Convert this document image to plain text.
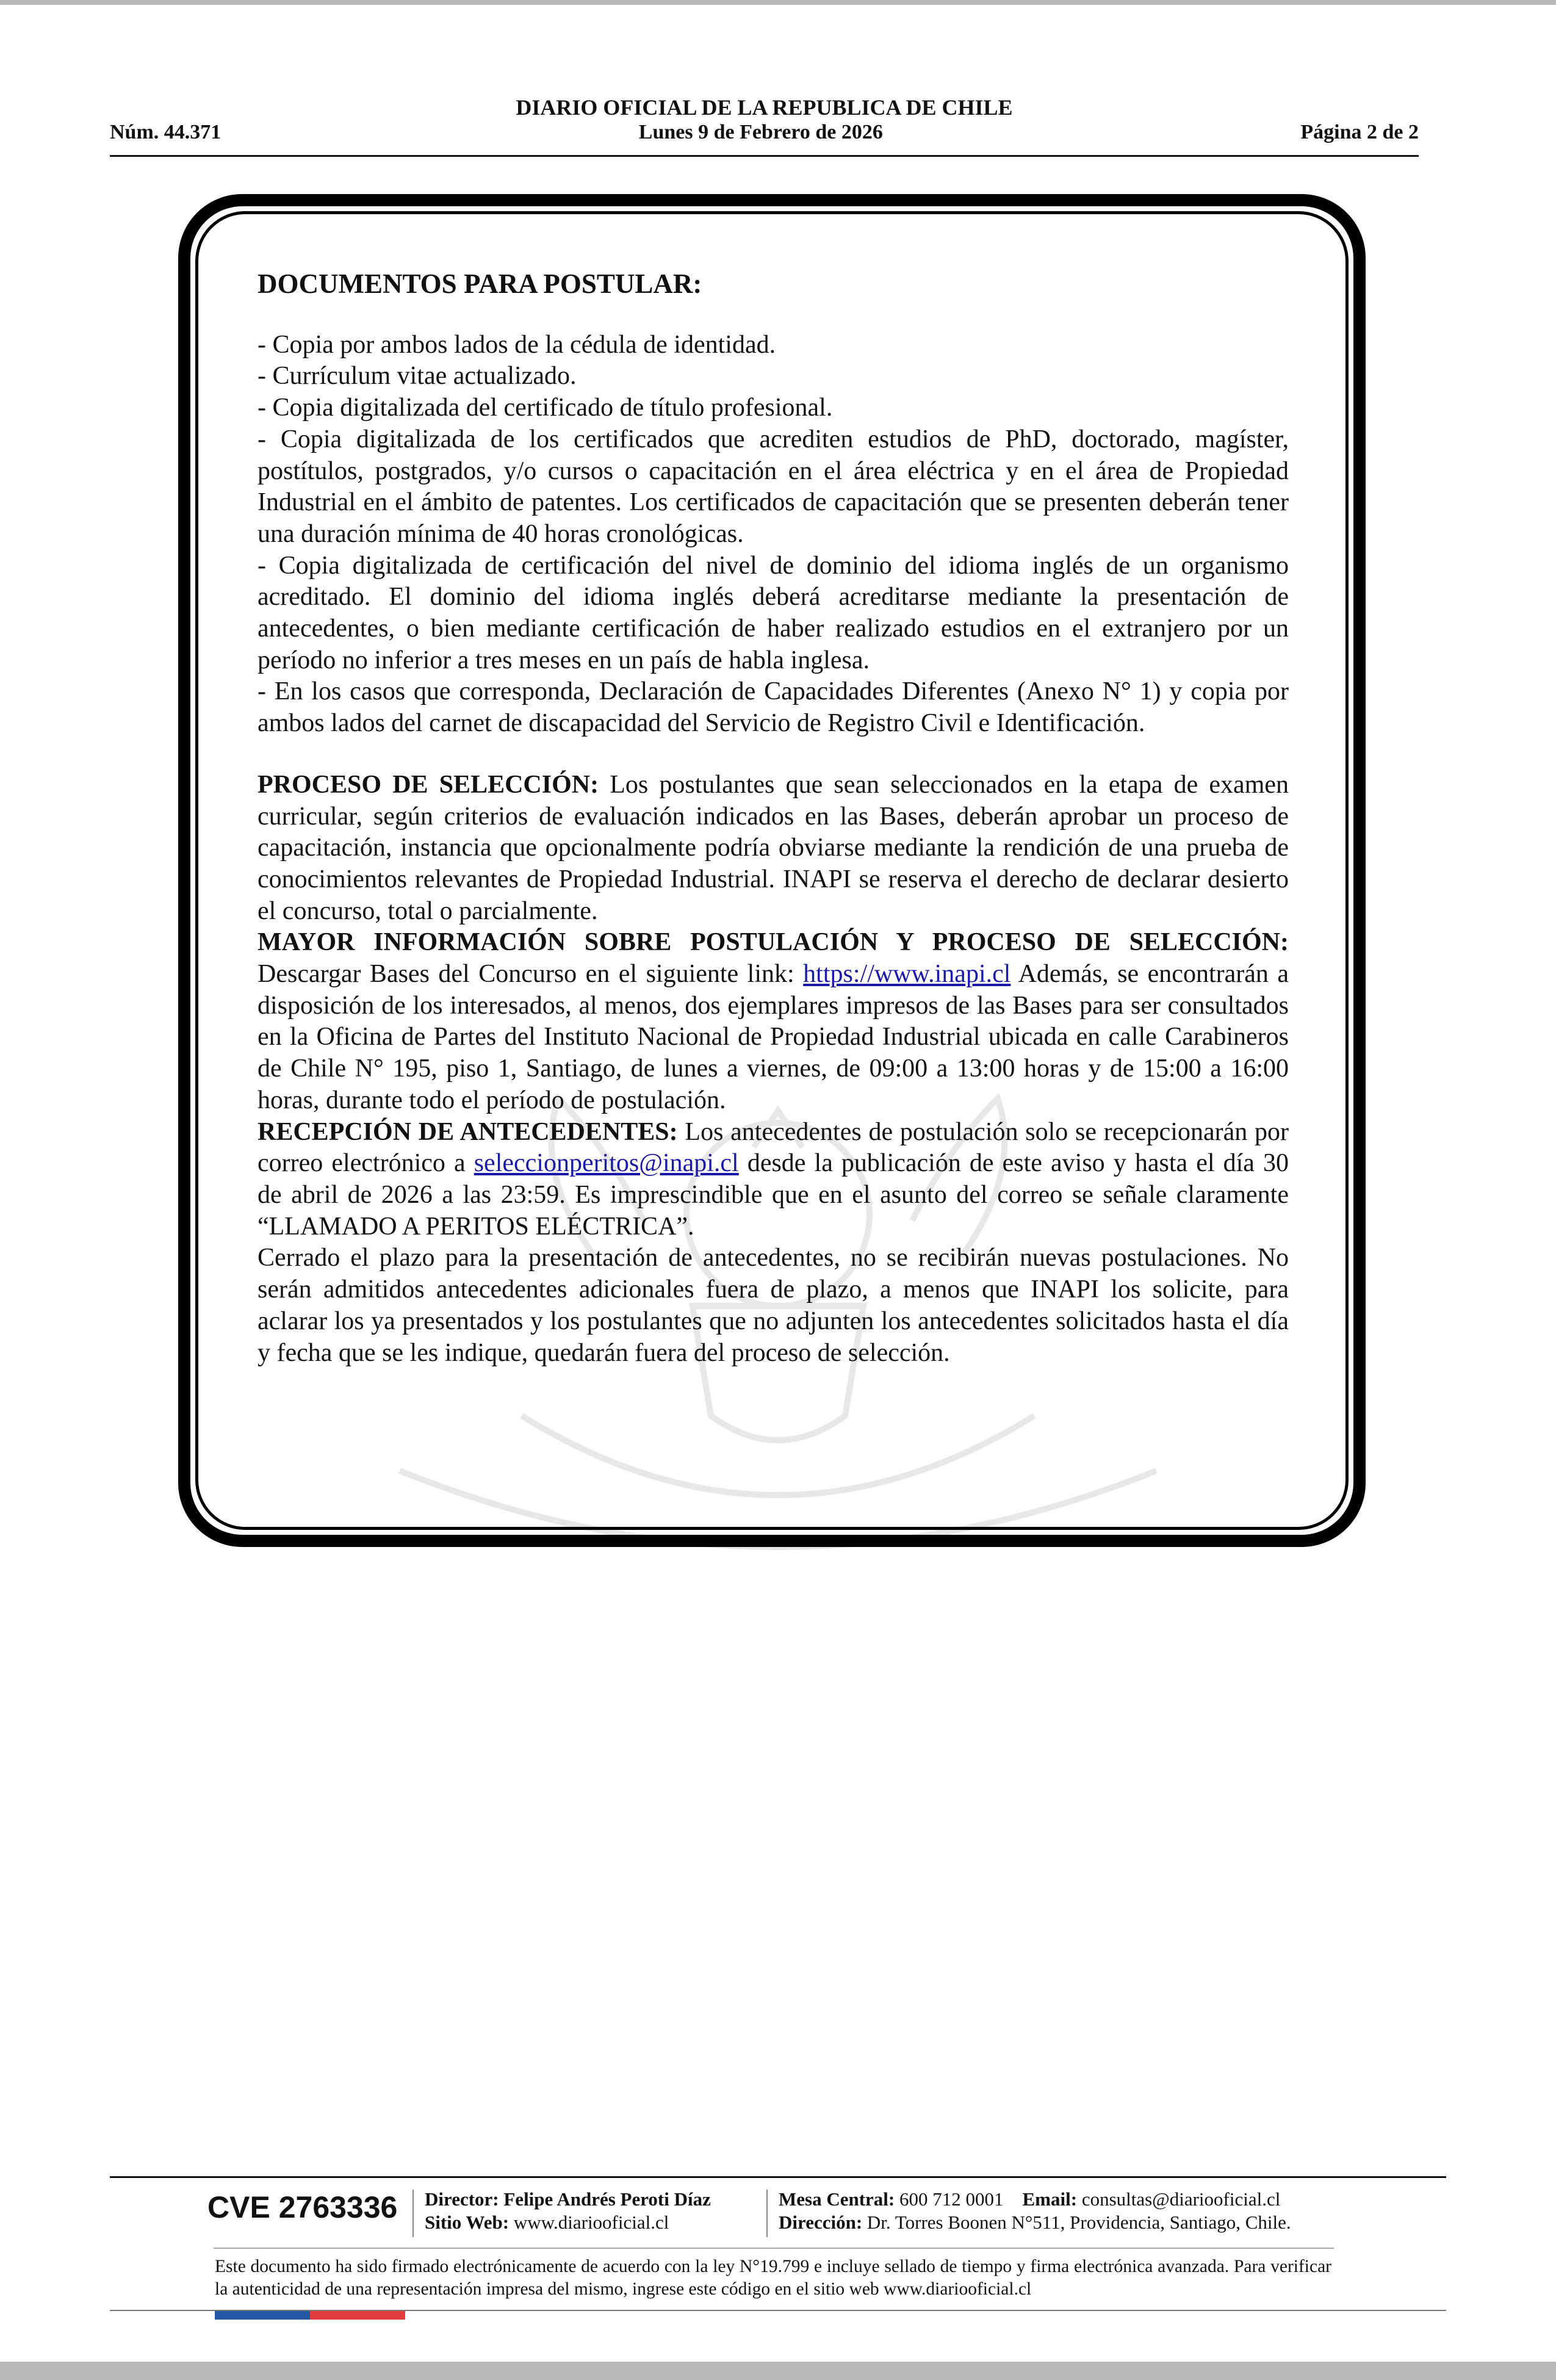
DIARIO OFICIAL DE LA REPUBLICA DE CHILE
Núm. 44.371	Lunes 9 de Febrero de 2026	Página 2 de 2

DOCUMENTOS PARA POSTULAR:

- Copia por ambos lados de la cédula de identidad.

- Currículum vitae actualizado.

- Copia digitalizada del certificado de título profesional.

- Copia digitalizada de los certificados que acrediten estudios de PhD, doctorado, magíster, postítulos, postgrados, y/o cursos o capacitación en el área eléctrica y en el área de Propiedad Industrial en el ámbito de patentes. Los certificados de capacitación que se presenten deberán tener una duración mínima de 40 horas cronológicas.

- Copia digitalizada de certificación del nivel de dominio del idioma inglés de un organismo acreditado. El dominio del idioma inglés deberá acreditarse mediante la presentación de antecedentes, o bien mediante certificación de haber realizado estudios en el extranjero por un período no inferior a tres meses en un país de habla inglesa.

- En los casos que corresponda, Declaración de Capacidades Diferentes (Anexo N° 1) y copia por ambos lados del carnet de discapacidad del Servicio de Registro Civil e Identificación.

PROCESO DE SELECCIÓN: Los postulantes que sean seleccionados en la etapa de examen curricular, según criterios de evaluación indicados en las Bases, deberán aprobar un proceso de capacitación, instancia que opcionalmente podría obviarse mediante la rendición de una prueba de conocimientos relevantes de Propiedad Industrial. INAPI se reserva el derecho de declarar desierto el concurso, total o parcialmente.

MAYOR INFORMACIÓN SOBRE POSTULACIÓN Y PROCESO DE SELECCIÓN: Descargar Bases del Concurso en el siguiente link: https://www.inapi.cl Además, se encontrarán a disposición de los interesados, al menos, dos ejemplares impresos de las Bases para ser consultados en la Oficina de Partes del Instituto Nacional de Propiedad Industrial ubicada en calle Carabineros de Chile N° 195, piso 1, Santiago, de lunes a viernes, de 09:00 a 13:00 horas y de 15:00 a 16:00 horas, durante todo el período de postulación.

RECEPCIÓN DE ANTECEDENTES: Los antecedentes de postulación solo se recepcionarán por correo electrónico a seleccionperitos@inapi.cl desde la publicación de este aviso y hasta el día 30 de abril de 2026 a las 23:59. Es imprescindible que en el asunto del correo se señale claramente “LLAMADO A PERITOS ELÉCTRICA”.

Cerrado el plazo para la presentación de antecedentes, no se recibirán nuevas postulaciones. No serán admitidos antecedentes adicionales fuera de plazo, a menos que INAPI los solicite, para aclarar los ya presentados y los postulantes que no adjunten los antecedentes solicitados hasta el día y fecha que se les indique, quedarán fuera del proceso de selección.

CVE 2763336 Director: Felipe Andrés Peroti Díaz
Sitio Web: www.diariooficial.cl
Mesa Central: 600 712 0001 Email: consultas@diariooficial.cl
Dirección: Dr. Torres Boonen N°511, Providencia, Santiago, Chile.
Este documento ha sido firmado electrónicamente de acuerdo con la ley N°19.799 e incluye sellado de tiempo y firma electrónica avanzada. Para verificar la autenticidad de una representación impresa del mismo, ingrese este código en el sitio web www.diariooficial.cl
